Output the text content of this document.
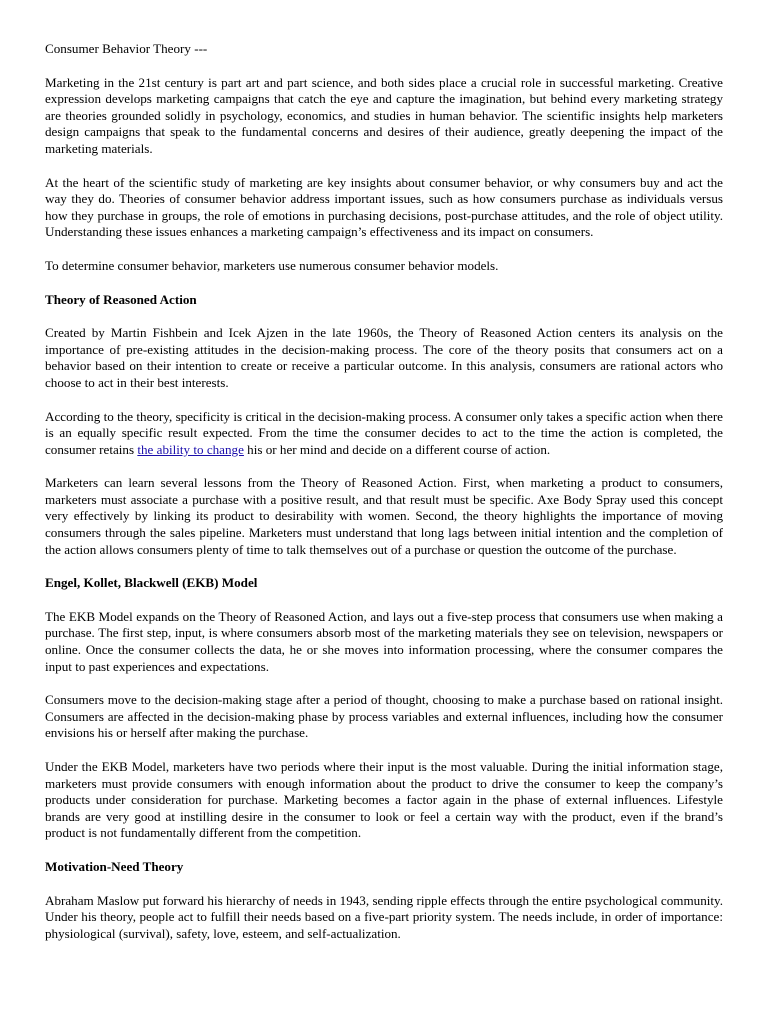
Consumer Behavior Theory ---

Marketing in the 21st century is part art and part science, and both sides place a crucial role in successful marketing. Creative expression develops marketing campaigns that catch the eye and capture the imagination, but behind every marketing strategy are theories grounded solidly in psychology, economics, and studies in human behavior. The scientific insights help marketers design campaigns that speak to the fundamental concerns and desires of their audience, greatly deepening the impact of the marketing materials.

At the heart of the scientific study of marketing are key insights about consumer behavior, or why consumers buy and act the way they do. Theories of consumer behavior address important issues, such as how consumers purchase as individuals versus how they purchase in groups, the role of emotions in purchasing decisions, post-purchase attitudes, and the role of object utility. Understanding these issues enhances a marketing campaign’s effectiveness and its impact on consumers.

To determine consumer behavior, marketers use numerous consumer behavior models.

Theory of Reasoned Action

Created by Martin Fishbein and Icek Ajzen in the late 1960s, the Theory of Reasoned Action centers its analysis on the importance of pre-existing attitudes in the decision-making process. The core of the theory posits that consumers act on a behavior based on their intention to create or receive a particular outcome. In this analysis, consumers are rational actors who choose to act in their best interests.

According to the theory, specificity is critical in the decision-making process. A consumer only takes a specific action when there is an equally specific result expected. From the time the consumer decides to act to the time the action is completed, the consumer retains the ability to change his or her mind and decide on a different course of action.

Marketers can learn several lessons from the Theory of Reasoned Action. First, when marketing a product to consumers, marketers must associate a purchase with a positive result, and that result must be specific. Axe Body Spray used this concept very effectively by linking its product to desirability with women. Second, the theory highlights the importance of moving consumers through the sales pipeline. Marketers must understand that long lags between initial intention and the completion of the action allows consumers plenty of time to talk themselves out of a purchase or question the outcome of the purchase.

Engel, Kollet, Blackwell (EKB) Model

The EKB Model expands on the Theory of Reasoned Action, and lays out a five-step process that consumers use when making a purchase. The first step, input, is where consumers absorb most of the marketing materials they see on television, newspapers or online. Once the consumer collects the data, he or she moves into information processing, where the consumer compares the input to past experiences and expectations.

Consumers move to the decision-making stage after a period of thought, choosing to make a purchase based on rational insight. Consumers are affected in the decision-making phase by process variables and external influences, including how the consumer envisions his or herself after making the purchase.

Under the EKB Model, marketers have two periods where their input is the most valuable. During the initial information stage, marketers must provide consumers with enough information about the product to drive the consumer to keep the company’s products under consideration for purchase. Marketing becomes a factor again in the phase of external influences. Lifestyle brands are very good at instilling desire in the consumer to look or feel a certain way with the product, even if the brand’s product is not fundamentally different from the competition.

Motivation-Need Theory

Abraham Maslow put forward his hierarchy of needs in 1943, sending ripple effects through the entire psychological community. Under his theory, people act to fulfill their needs based on a five-part priority system. The needs include, in order of importance: physiological (survival), safety, love, esteem, and self-actualization.
